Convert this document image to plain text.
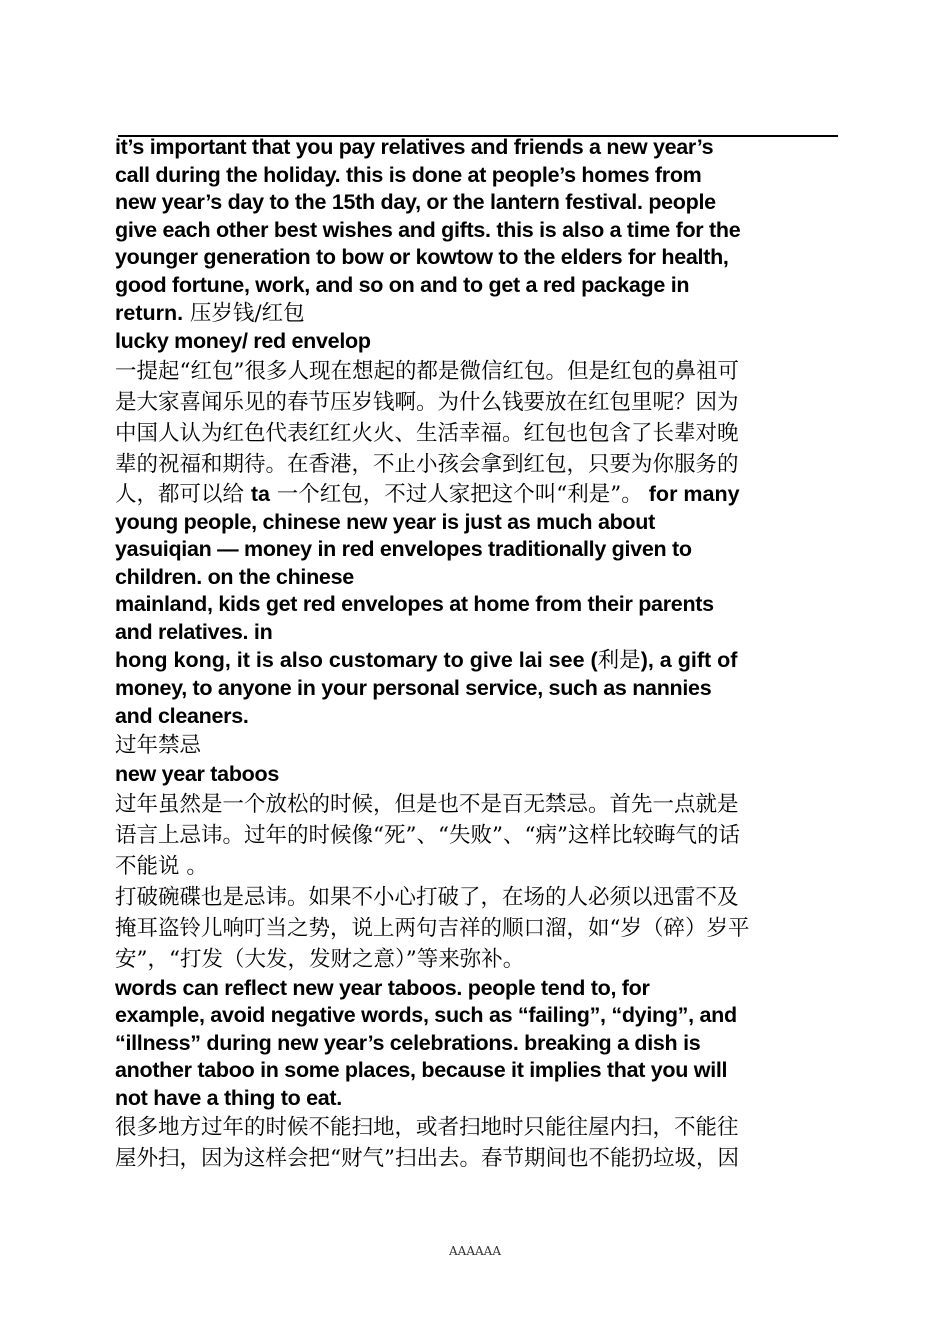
it’s important that you pay relatives and friends a new year’s

call during the holiday. this is done at people’s homes from

new year’s day to the 15th day, or the lantern festival. people

give each other best wishes and gifts. this is also a time for the

younger generation to bow or kowtow to the elders for health,

good fortune, work, and so on and to get a red package in

return. 压岁钱/红包

lucky money/ red envelop

一提起“红包”很多人现在想起的都是微信红包。但是红包的鼻祖可

是大家喜闻乐见的春节压岁钱啊。为什么钱要放在红包里呢？因为

中国人认为红色代表红红火火、生活幸福。红包也包含了长辈对晚

辈的祝福和期待。在香港，不止小孩会拿到红包，只要为你服务的

人，都可以给 ta 一个红包，不过人家把这个叫“利是”。 for many

young people, chinese new year is just as much about

yasuiqian — money in red envelopes traditionally given to

children. on the chinese

mainland, kids get red envelopes at home from their parents

and relatives. in

hong kong, it is also customary to give lai see (利是), a gift of

money, to anyone in your personal service, such as nannies

and cleaners.

过年禁忌

new year taboos

过年虽然是一个放松的时候，但是也不是百无禁忌。首先一点就是

语言上忌讳。过年的时候像“死”、“失败”、“病”这样比较晦气的话

不能说 。

打破碗碟也是忌讳。如果不小心打破了，在场的人必须以迅雷不及

掩耳盗铃儿响叮当之势，说上两句吉祥的顺口溜，如“岁（碎）岁平

安”，“打发（大发，发财之意）”等来弥补。

words can reflect new year taboos. people tend to, for

example, avoid negative words, such as “failing”, “dying”, and

“illness” during new year’s celebrations. breaking a dish is

another taboo in some places, because it implies that you will

not have a thing to eat.

很多地方过年的时候不能扫地，或者扫地时只能往屋内扫，不能往

屋外扫，因为这样会把“财气”扫出去。春节期间也不能扔垃圾，因

AAAAAA
